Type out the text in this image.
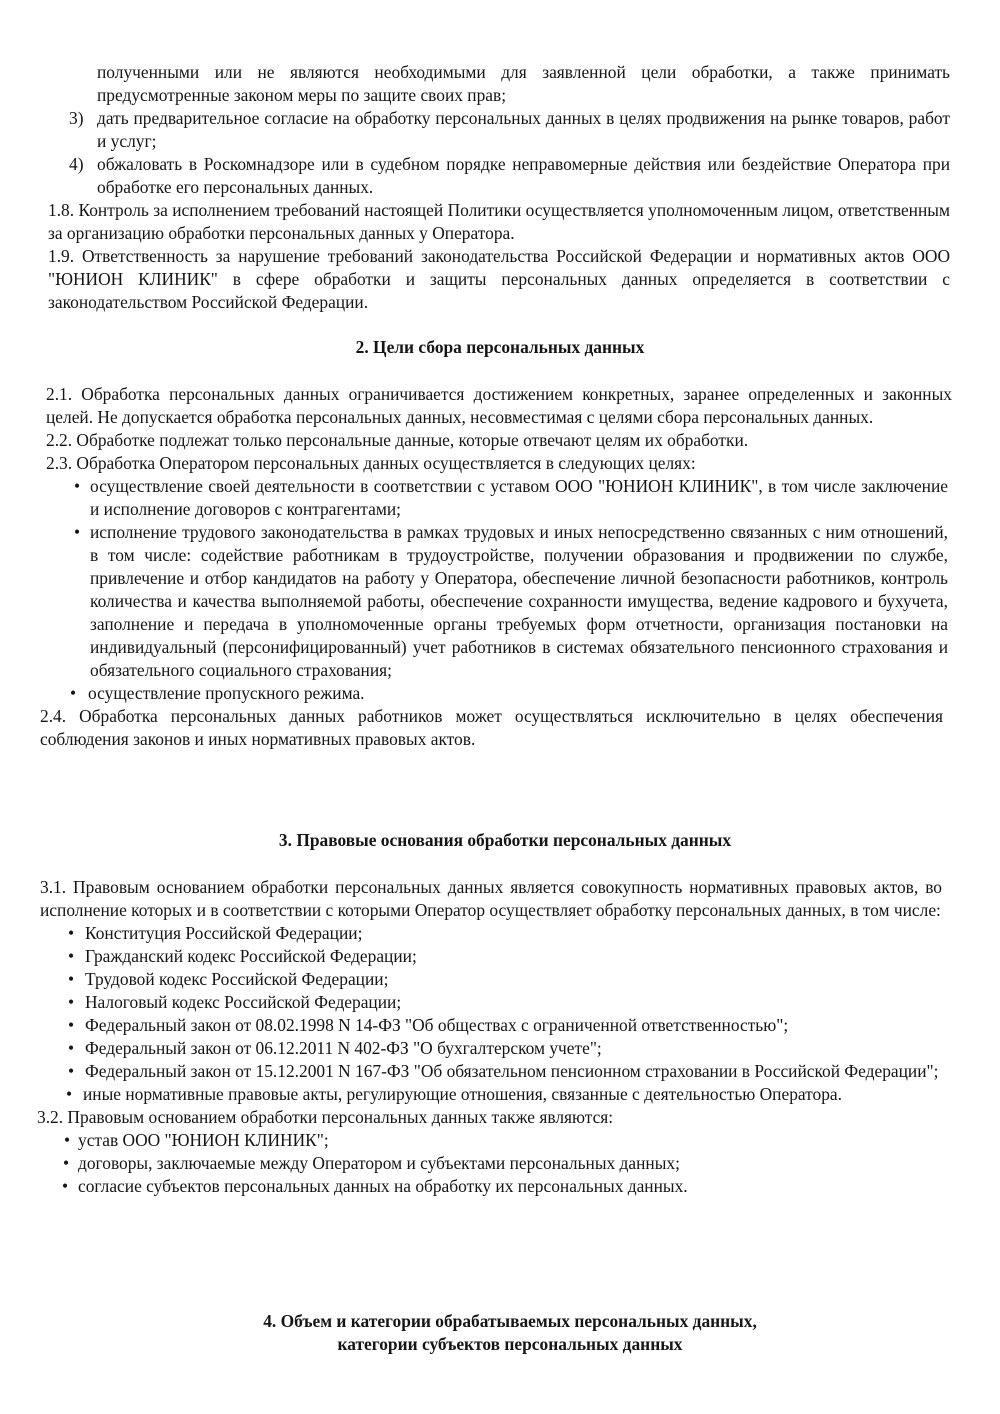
полученными или не являются необходимыми для заявленной цели обработки, а также принимать предусмотренные законом меры по защите своих прав;

3) дать предварительное согласие на обработку персональных данных в целях продвижения на рынке товаров, работ и услуг;
4) обжаловать в Роскомнадзоре или в судебном порядке неправомерные действия или бездействие Оператора при обработке его персональных данных.

1.8. Контроль за исполнением требований настоящей Политики осуществляется уполномоченным лицом, ответственным за организацию обработки персональных данных у Оператора.

1.9. Ответственность за нарушение требований законодательства Российской Федерации и нормативных актов ООО "ЮНИОН КЛИНИК" в сфере обработки и защиты персональных данных определяется в соответствии с законодательством Российской Федерации.

2. Цели сбора персональных данных

2.1. Обработка персональных данных ограничивается достижением конкретных, заранее определенных и законных целей. Не допускается обработка персональных данных, несовместимая с целями сбора персональных данных.

2.2. Обработке подлежат только персональные данные, которые отвечают целям их обработки.

2.3. Обработка Оператором персональных данных осуществляется в следующих целях:

• осуществление своей деятельности в соответствии с уставом ООО "ЮНИОН КЛИНИК", в том числе заключение и исполнение договоров с контрагентами;
• исполнение трудового законодательства в рамках трудовых и иных непосредственно связанных с ним отношений, в том числе: содействие работникам в трудоустройстве, получении образования и продвижении по службе, привлечение и отбор кандидатов на работу у Оператора, обеспечение личной безопасности работников, контроль количества и качества выполняемой работы, обеспечение сохранности имущества, ведение кадрового и бухучета, заполнение и передача в уполномоченные органы требуемых форм отчетности, организация постановки на индивидуальный (персонифицированный) учет работников в системах обязательного пенсионного страхования и обязательного социального страхования;
• осуществление пропускного режима.

2.4. Обработка персональных данных работников может осуществляться исключительно в целях обеспечения соблюдения законов и иных нормативных правовых актов.

3. Правовые основания обработки персональных данных

3.1. Правовым основанием обработки персональных данных является совокупность нормативных правовых актов, во исполнение которых и в соответствии с которыми Оператор осуществляет обработку персональных данных, в том числе:

• Конституция Российской Федерации;
• Гражданский кодекс Российской Федерации;
• Трудовой кодекс Российской Федерации;
• Налоговый кодекс Российской Федерации;
• Федеральный закон от 08.02.1998 N 14-ФЗ "Об обществах с ограниченной ответственностью";
• Федеральный закон от 06.12.2011 N 402-ФЗ "О бухгалтерском учете";
• Федеральный закон от 15.12.2001 N 167-ФЗ "Об обязательном пенсионном страховании в Российской Федерации";
• иные нормативные правовые акты, регулирующие отношения, связанные с деятельностью Оператора.

3.2. Правовым основанием обработки персональных данных также являются:

• устав ООО "ЮНИОН КЛИНИК";
• договоры, заключаемые между Оператором и субъектами персональных данных;
• согласие субъектов персональных данных на обработку их персональных данных.

4. Объем и категории обрабатываемых персональных данных,

категории субъектов персональных данных
